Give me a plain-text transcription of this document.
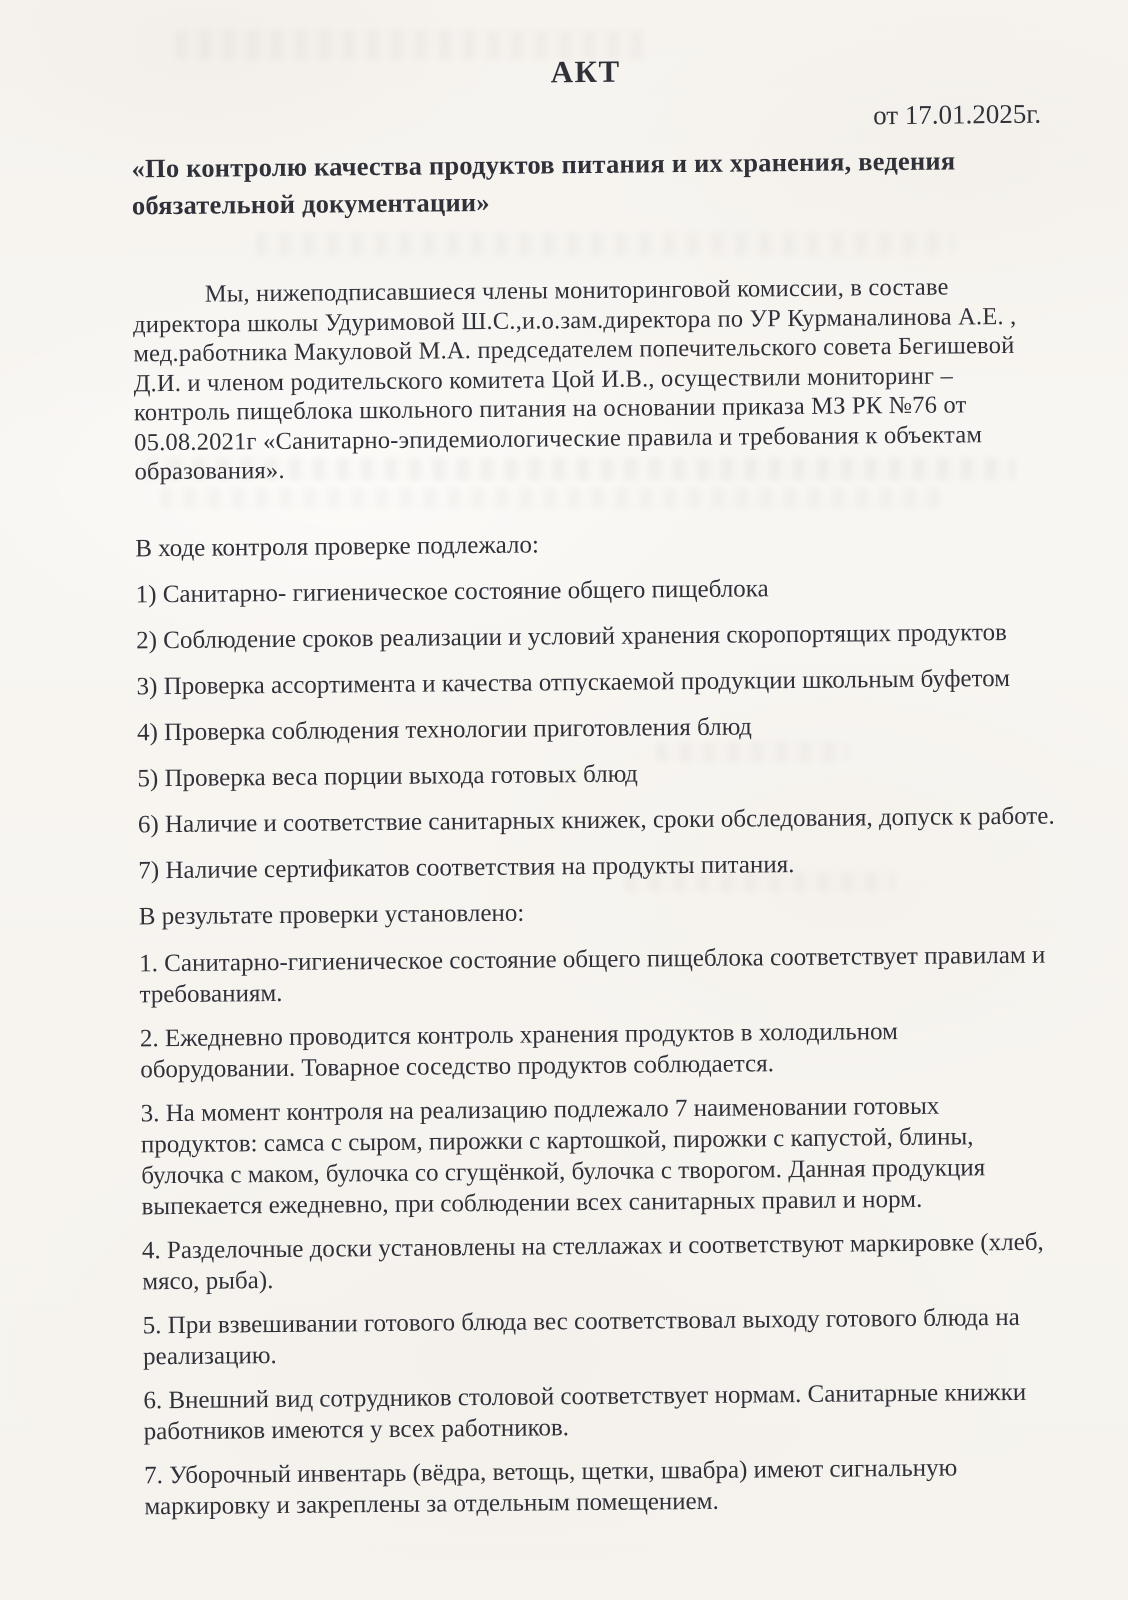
АКТ
от 17.01.2025г.
«По контролю качества продуктов питания и их хранения, ведения обязательной документации»

Мы, нижеподписавшиеся члены мониторинговой комиссии, в составе директора школы Удуримовой Ш.С.,и.о.зам.директора по УР Курманалинова А.Е. , мед.работника Макуловой М.А. председателем попечительского совета Бегишевой Д.И. и членом родительского комитета Цой И.В., осуществили мониторинг – контроль пищеблока школьного питания на основании приказа МЗ РК №76 от 05.08.2021г «Санитарно-эпидемиологические правила и требования к объектам образования».

В ходе контроля проверке подлежало:

1) Санитарно- гигиеническое состояние общего пищеблока

2) Соблюдение сроков реализации и условий хранения скоропортящих продуктов

3) Проверка ассортимента и качества отпускаемой продукции школьным буфетом

4) Проверка соблюдения технологии приготовления блюд

5) Проверка веса порции выхода готовых блюд

6) Наличие и соответствие санитарных книжек, сроки обследования, допуск к работе.

7) Наличие сертификатов соответствия на продукты питания.

В результате проверки установлено:

1. Санитарно-гигиеническое состояние общего пищеблока соответствует правилам и требованиям.

2. Ежедневно проводится контроль хранения продуктов в холодильном оборудовании. Товарное соседство продуктов соблюдается.

3. На момент контроля на реализацию подлежало 7 наименовании готовых продуктов: самса с сыром, пирожки с картошкой, пирожки с капустой, блины, булочка с маком, булочка со сгущёнкой, булочка с творогом. Данная продукция выпекается ежедневно, при соблюдении всех санитарных правил и норм.

4. Разделочные доски установлены на стеллажах и соответствуют маркировке (хлеб, мясо, рыба).

5. При взвешивании готового блюда вес соответствовал выходу готового блюда на реализацию.

6. Внешний вид сотрудников столовой соответствует нормам. Санитарные книжки работников имеются у всех работников.

7. Уборочный инвентарь (вёдра, ветощь, щетки, швабра) имеют сигнальную маркировку и закреплены за отдельным помещением.
